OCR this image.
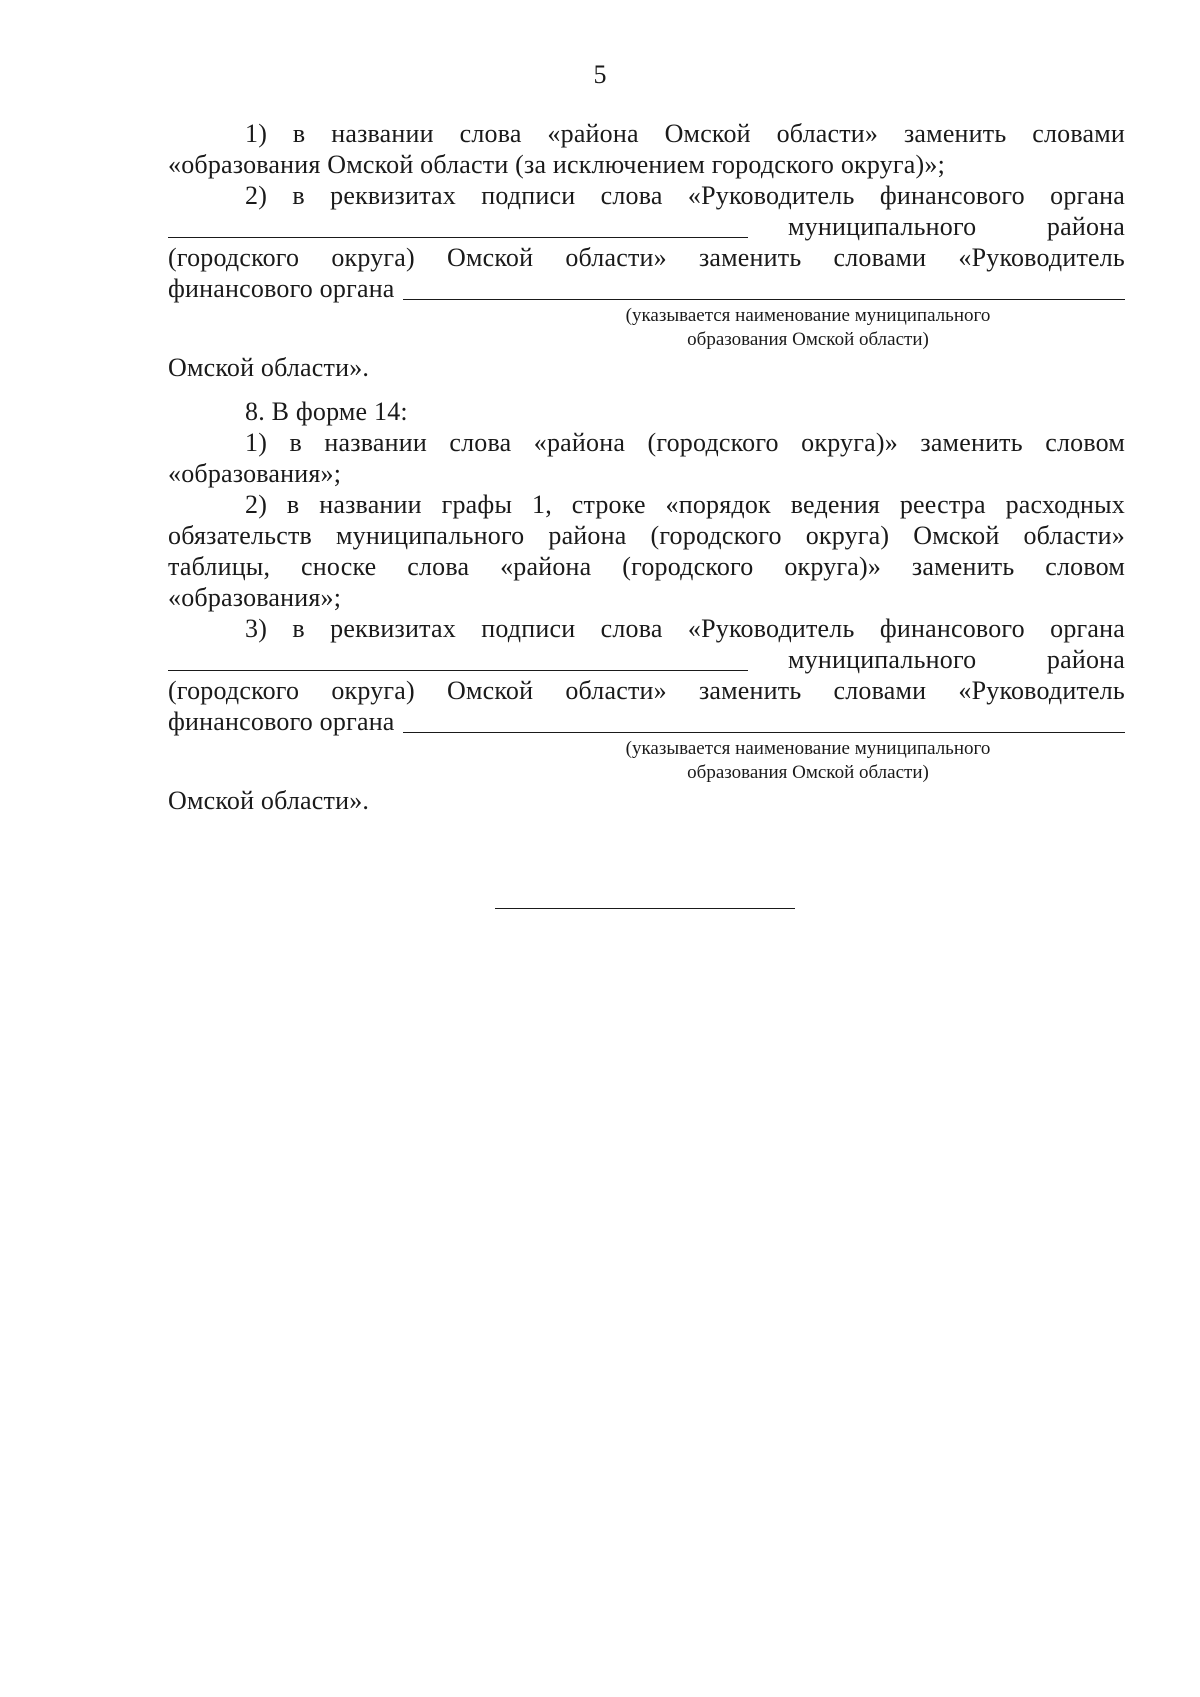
5
1) в названии слова «района Омской области» заменить словами
«образования Омской области (за исключением городского округа)»;
2) в реквизитах подписи слова «Руководитель финансового органа
муниципального	района
(городского округа) Омской области» заменить словами «Руководитель
финансового органа
(указывается наименование муниципального
образования Омской области)
Омской области».
8. В форме 14:
1) в названии слова «района (городского округа)» заменить словом
«образования»;
2) в названии графы 1, строке «порядок ведения реестра расходных
обязательств муниципального района (городского округа) Омской области»
таблицы, сноске слова «района (городского округа)» заменить словом
«образования»;
3) в реквизитах подписи слова «Руководитель финансового органа
муниципального	района
(городского округа) Омской области» заменить словами «Руководитель
финансового органа
(указывается наименование муниципального
образования Омской области)
Омской области».
